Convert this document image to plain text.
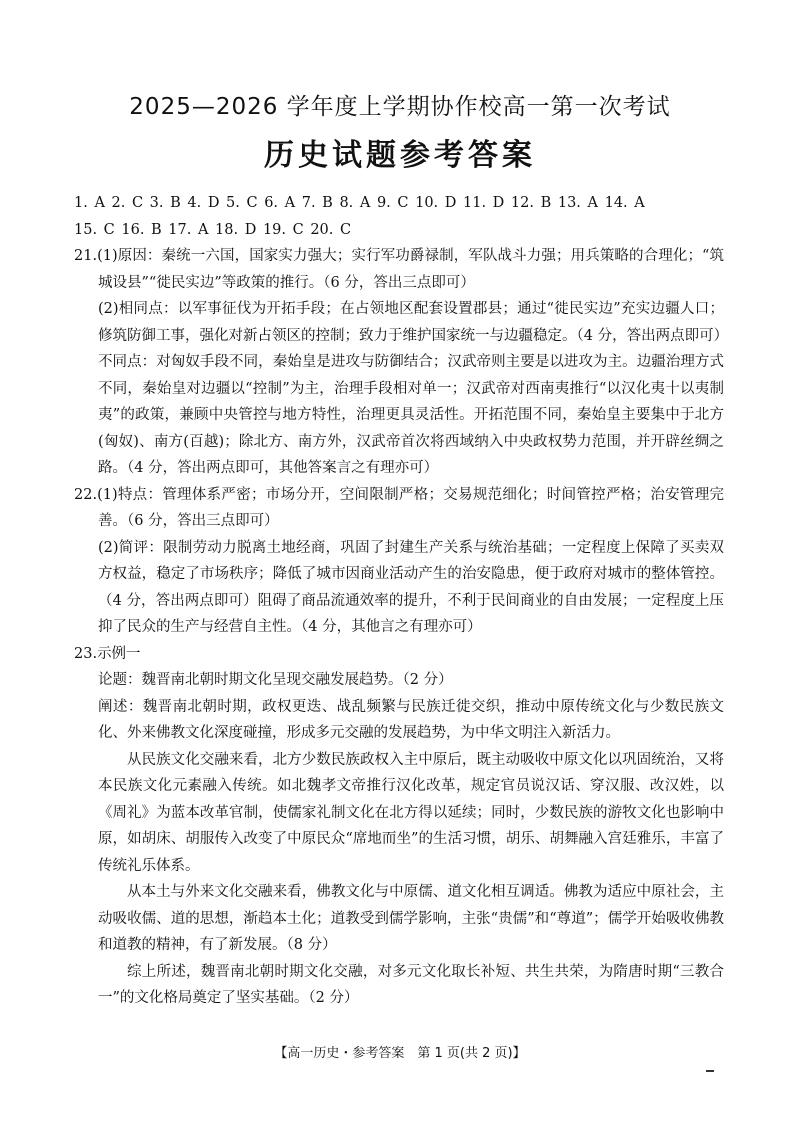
2025—2026 学年度上学期协作校高一第一次考试
历史试题参考答案

1. A 2. C 3. B 4. D 5. C 6. A 7. B 8. A 9. C 10. D 11. D 12. B 13. A 14. A

15. C 16. B 17. A 18. D 19. C 20. C

21.(1)原因：秦统一六国，国家实力强大；实行军功爵禄制，军队战斗力强；用兵策略的合理化；“筑城设县”“徙民实边”等政策的推行。（6 分，答出三点即可）

(2)相同点：以军事征伐为开拓手段；在占领地区配套设置郡县；通过“徙民实边”充实边疆人口；修筑防御工事，强化对新占领区的控制；致力于维护国家统一与边疆稳定。（4 分，答出两点即可）

不同点：对匈奴手段不同，秦始皇是进攻与防御结合；汉武帝则主要是以进攻为主。边疆治理方式不同，秦始皇对边疆以“控制”为主，治理手段相对单一；汉武帝对西南夷推行“以汉化夷十以夷制夷”的政策，兼顾中央管控与地方特性，治理更具灵活性。开拓范围不同，秦始皇主要集中于北方(匈奴)、南方(百越)；除北方、南方外，汉武帝首次将西域纳入中央政权势力范围，并开辟丝绸之路。（4 分，答出两点即可，其他答案言之有理亦可）

22.(1)特点：管理体系严密；市场分开，空间限制严格；交易规范细化；时间管控严格；治安管理完善。（6 分，答出三点即可）

(2)简评：限制劳动力脱离土地经商，巩固了封建生产关系与统治基础；一定程度上保障了买卖双方权益，稳定了市场秩序；降低了城市因商业活动产生的治安隐患，便于政府对城市的整体管控。（4 分，答出两点即可）阻碍了商品流通效率的提升，不利于民间商业的自由发展；一定程度上压抑了民众的生产与经营自主性。（4 分，其他言之有理亦可）

23.示例一

论题：魏晋南北朝时期文化呈现交融发展趋势。（2 分）

阐述：魏晋南北朝时期，政权更迭、战乱频繁与民族迁徙交织，推动中原传统文化与少数民族文化、外来佛教文化深度碰撞，形成多元交融的发展趋势，为中华文明注入新活力。

从民族文化交融来看，北方少数民族政权入主中原后，既主动吸收中原文化以巩固统治，又将本民族文化元素融入传统。如北魏孝文帝推行汉化改革，规定官员说汉话、穿汉服、改汉姓，以《周礼》为蓝本改革官制，使儒家礼制文化在北方得以延续；同时，少数民族的游牧文化也影响中原，如胡床、胡服传入改变了中原民众“席地而坐”的生活习惯，胡乐、胡舞融入宫廷雅乐，丰富了传统礼乐体系。

从本土与外来文化交融来看，佛教文化与中原儒、道文化相互调适。佛教为适应中原社会，主动吸收儒、道的思想，渐趋本土化；道教受到儒学影响，主张“贵儒”和“尊道”；儒学开始吸收佛教和道教的精神，有了新发展。（8 分）

综上所述，魏晋南北朝时期文化交融，对多元文化取长补短、共生共荣，为隋唐时期“三教合一”的文化格局奠定了坚实基础。（2 分）

【高一历史・参考答案　第 1 页(共 2 页)】
